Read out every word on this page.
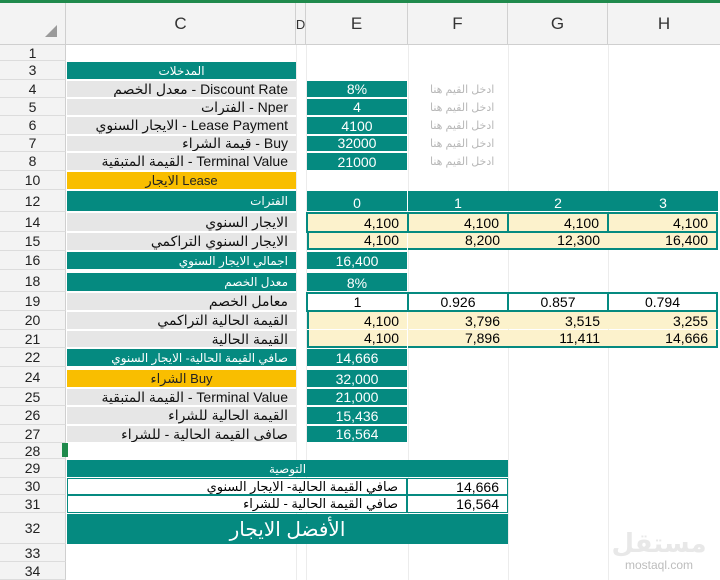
C	D	E	F	G	H
1
3
4
5
6
7
8
10
12
14
15
16
18
19
20
21
22
24
25
26
27
28
29
30
31
32
33
34
المدخلات
معدل الخصم - Discount Rate	8%	ادخل القيم هنا
الفترات - Nper	4	ادخل القيم هنا
الايجار السنوي - Lease Payment	4100	ادخل القيم هنا
قيمة الشراء - Buy	32000	ادخل القيم هنا
القيمة المتبقية - Terminal Value	21000	ادخل القيم هنا
الايجار Lease
الفترات	0	1	2	3
الايجار السنوي	4,100	4,100	4,100	4,100
الايجار السنوي التراكمي	4,100	8,200	12,300	16,400
اجمالي الايجار السنوي	16,400
معدل الخصم	8%
معامل الخصم	1	0.926	0.857	0.794
القيمة الحالية التراكمي	4,100	3,796	3,515	3,255
القيمة الحالية	4,100	7,896	11,411	14,666
صافي القيمة الحالية- الايجار السنوي	14,666
الشراء Buy	32,000
القيمة المتبقية - Terminal Value	21,000
القيمة الحالية للشراء	15,436
صافى القيمة الحالية - للشراء	16,564
التوصية
صافي القيمة الحالية- الايجار السنوي	14,666
صافي القيمة الحالية - للشراء	16,564
الأفضل الايجار	مستقل
mostaql.com
